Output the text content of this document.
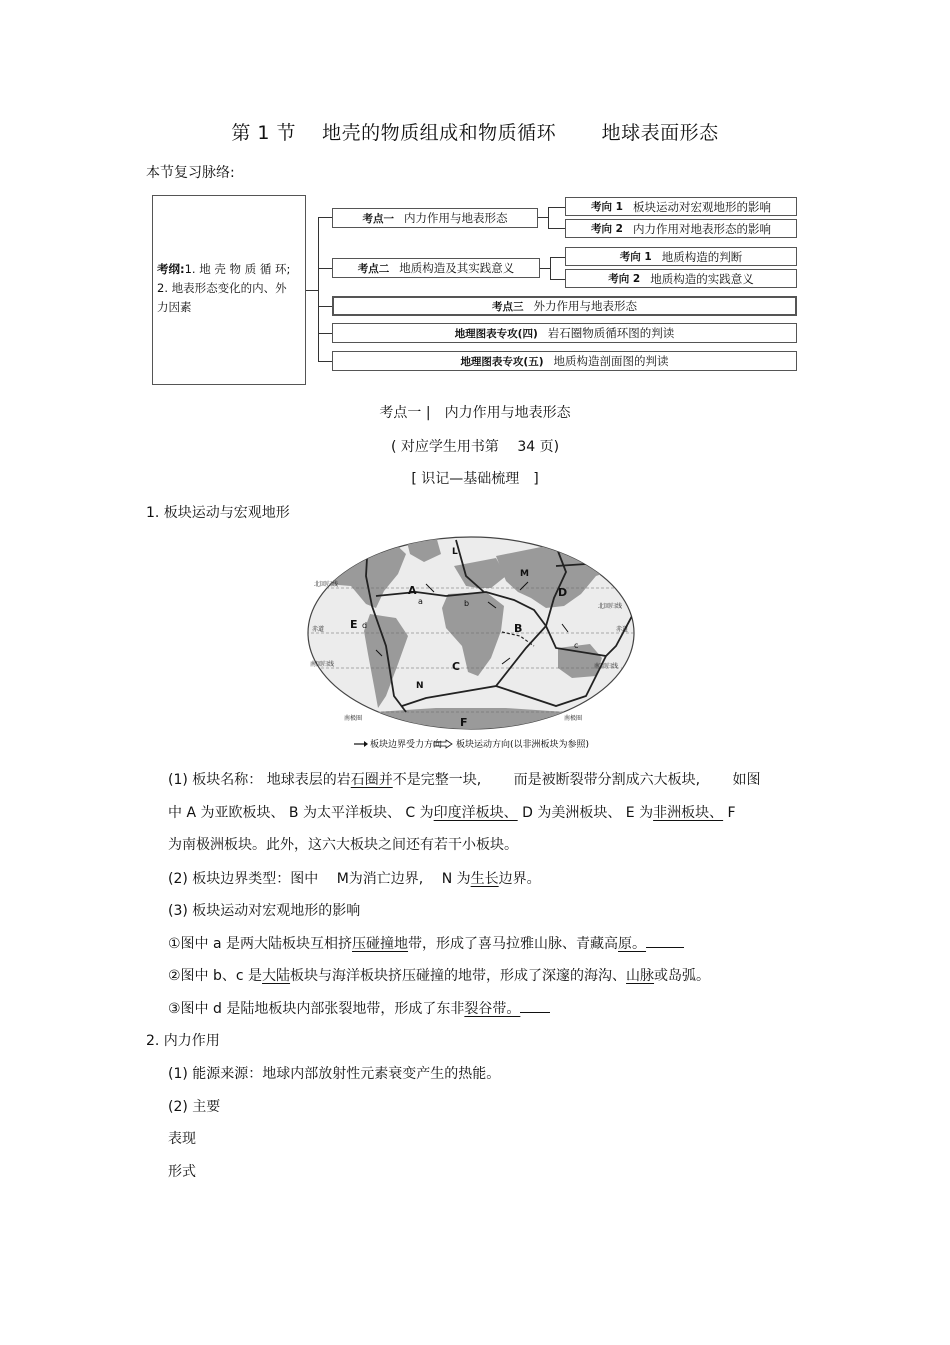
第 1 节　 地壳的物质组成和物质循环　　 地球表面形态
本节复习脉络:
考纲:1. 地 壳 物 质 循 环; 2. 地表形态变化的内、外 力因素
考点一 内力作用与地表形态
考向 1 板块运动对宏观地形的影响
考向 2 内力作用对地表形态的影响
考点二 地质构造及其实践意义
考向 1 地质构造的判断
考向 2 地质构造的实践意义
考点三 外力作用与地表形态
地理图表专攻(四) 岩石圈物质循环图的判读
地理图表专攻(五) 地质构造剖面图的判读
考点一 |　内力作用与地表形态
( 对应学生用书第　 34 页)
[ 识记—基础梳理　]
1. 板块运动与宏观地形
A
B
C
D
E
F
M
N
L
a	b
c
d
北回归线
南回归线
北回归线
南回归线
赤道	赤道
南极圈	南极圈
板块边界受力方向 板块运动方向(以非洲板块为参照)
(1) 板块名称： 地球表层的岩石圈并不是完整一块,　　 而是被断裂带分割成六大板块,　　 如图
中 A 为亚欧板块、 B 为太平洋板块、 C 为印度洋板块、 D 为美洲板块、 E 为非洲板块、 F
为南极洲板块。此外，这六大板块之间还有若干小板块。
(2) 板块边界类型：图中　 M为消亡边界,　 N 为生长边界。
(3) 板块运动对宏观地形的影响
①图中 a 是两大陆板块互相挤压碰撞地带，形成了喜马拉雅山脉、青藏高原。
②图中 b、c 是大陆板块与海洋板块挤压碰撞的地带，形成了深邃的海沟、山脉或岛弧。
③图中 d 是陆地板块内部张裂地带，形成了东非裂谷带。
2. 内力作用
(1) 能源来源：地球内部放射性元素衰变产生的热能。
(2) 主要
表现
形式
